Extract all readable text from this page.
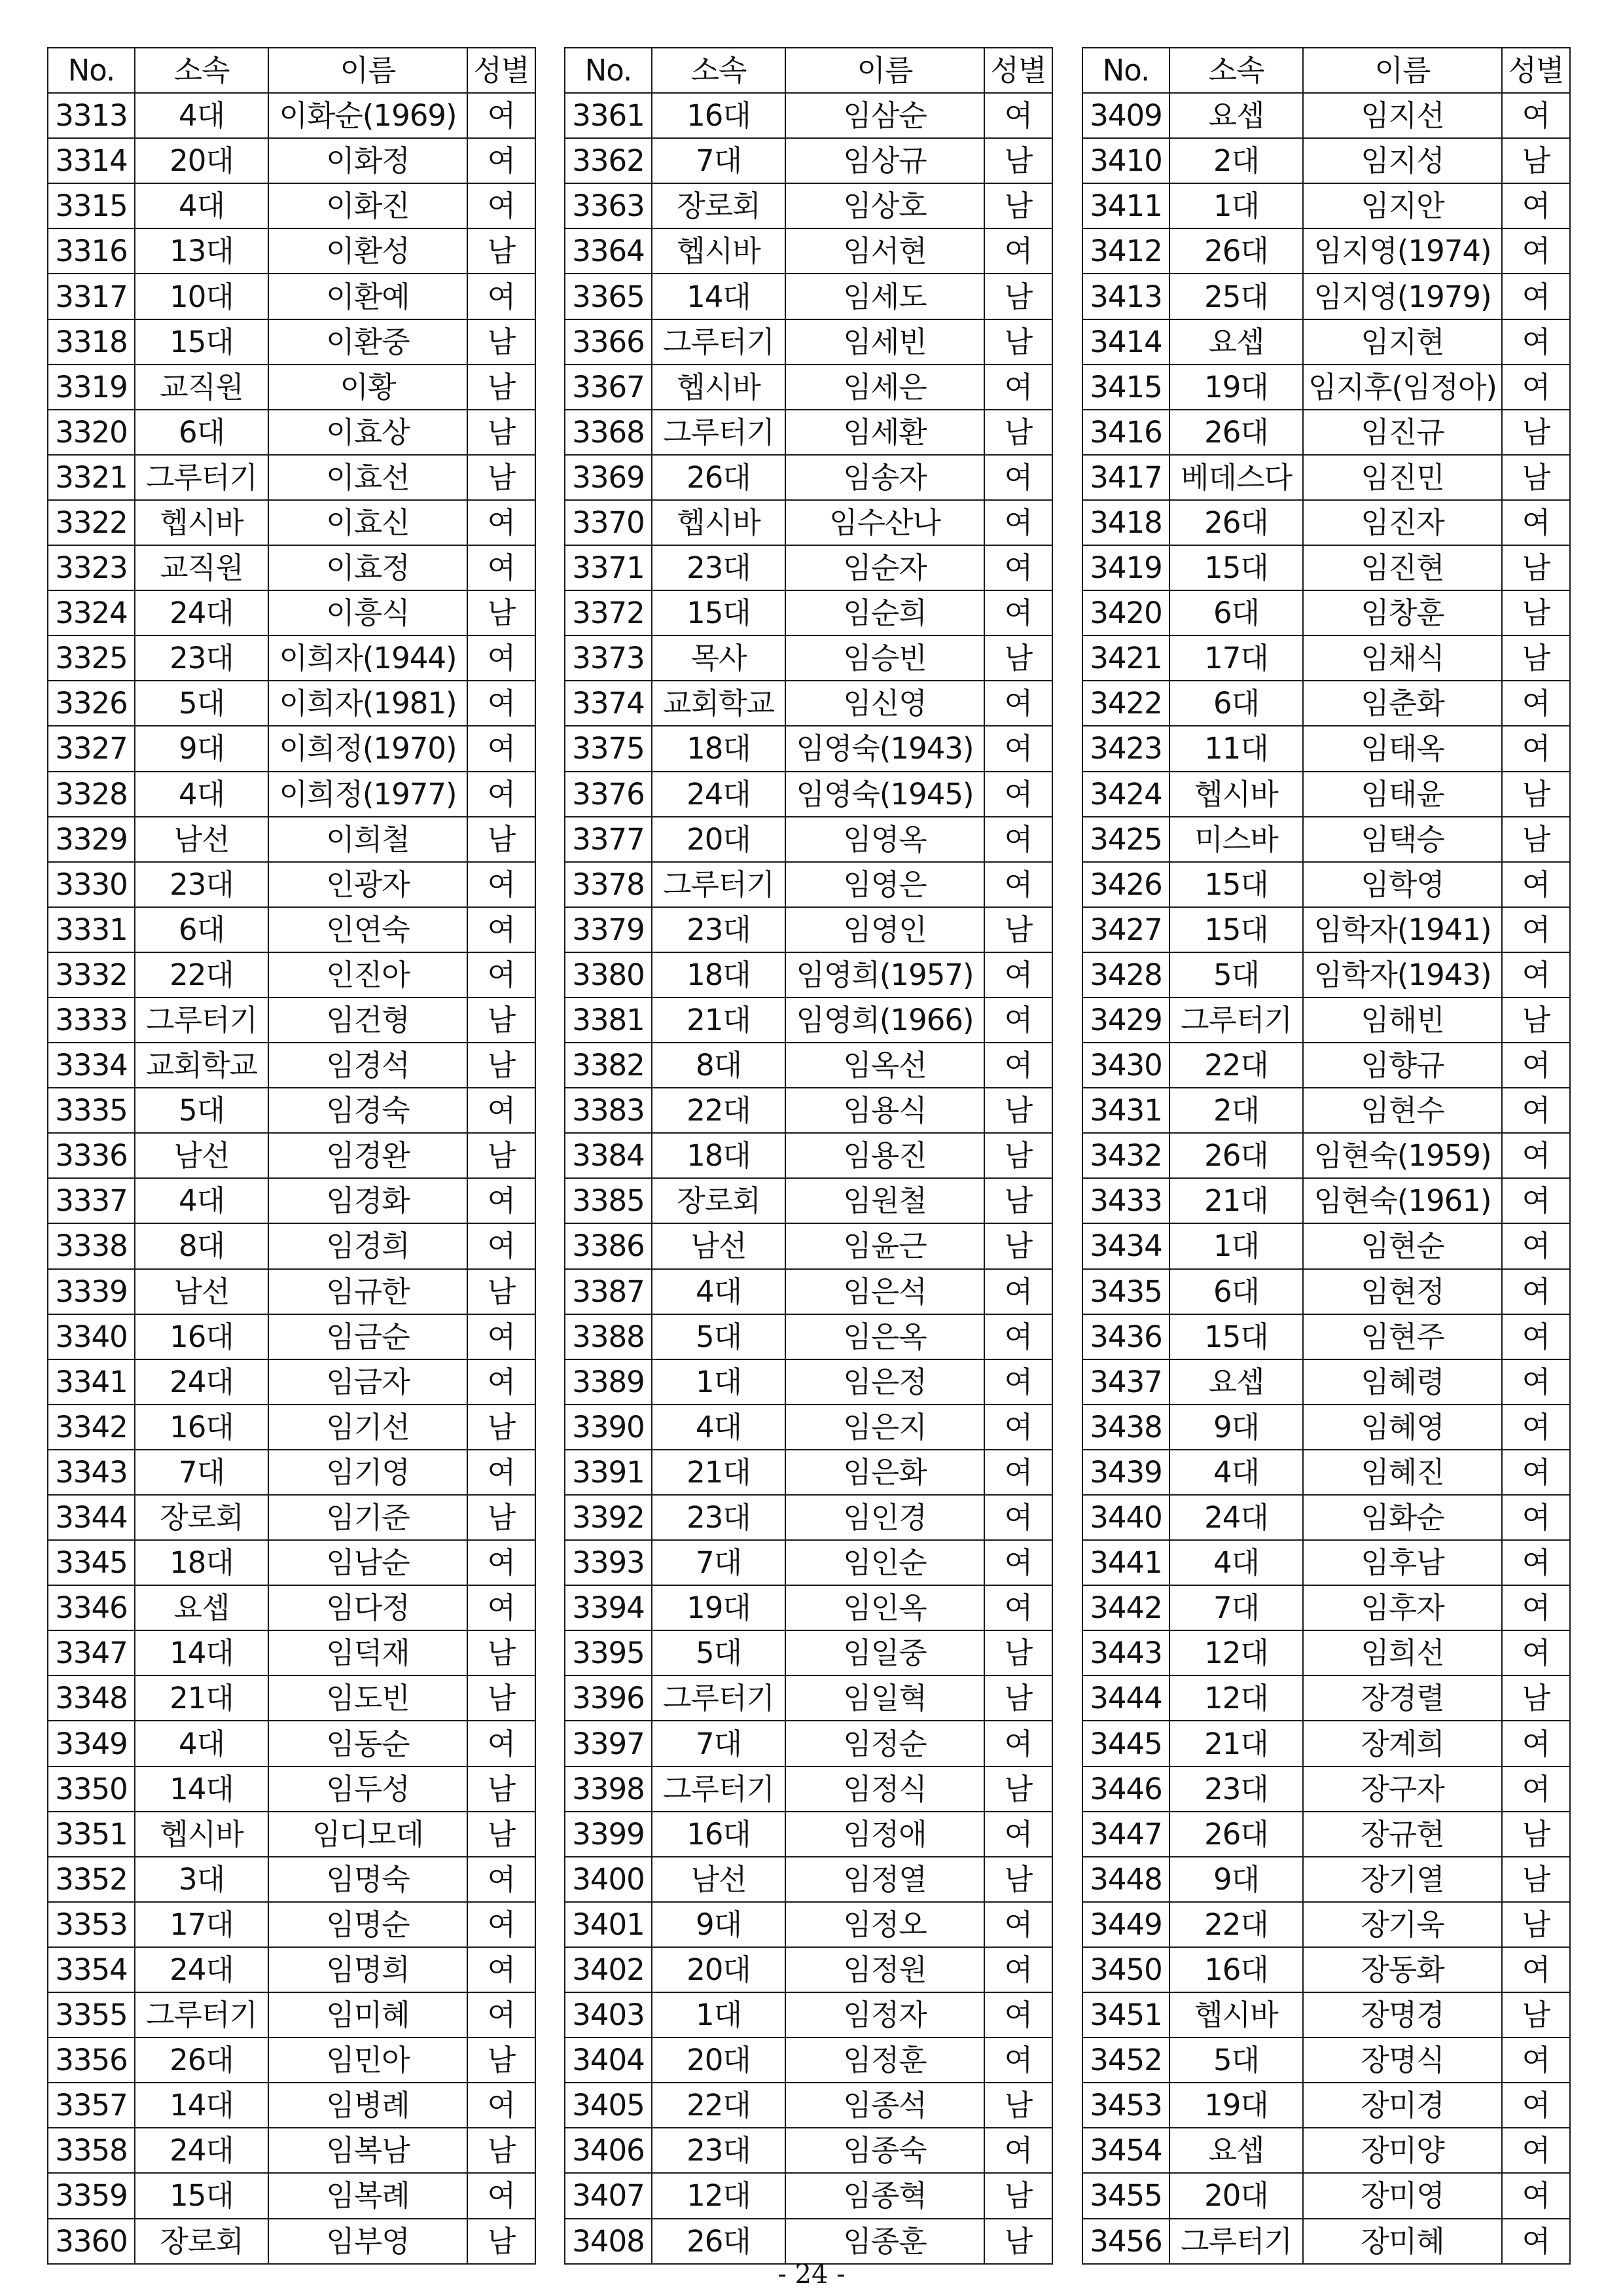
No.	소속	이름	성별
3313	4대	이화순(1969)	여
3314	20대	이화정	여
3315	4대	이화진	여
3316	13대	이환성	남
3317	10대	이환예	여
3318	15대	이환중	남
3319	교직원	이황	남
3320	6대	이효상	남
3321	그루터기	이효선	남
3322	헵시바	이효신	여
3323	교직원	이효정	여
3324	24대	이흥식	남
3325	23대	이희자(1944)	여
3326	5대	이희자(1981)	여
3327	9대	이희정(1970)	여
3328	4대	이희정(1977)	여
3329	남선	이희철	남
3330	23대	인광자	여
3331	6대	인연숙	여
3332	22대	인진아	여
3333	그루터기	임건형	남
3334	교회학교	임경석	남
3335	5대	임경숙	여
3336	남선	임경완	남
3337	4대	임경화	여
3338	8대	임경희	여
3339	남선	임규한	남
3340	16대	임금순	여
3341	24대	임금자	여
3342	16대	임기선	남
3343	7대	임기영	여
3344	장로회	임기준	남
3345	18대	임남순	여
3346	요셉	임다정	여
3347	14대	임덕재	남
3348	21대	임도빈	남
3349	4대	임동순	여
3350	14대	임두성	남
3351	헵시바	임디모데	남
3352	3대	임명숙	여
3353	17대	임명순	여
3354	24대	임명희	여
3355	그루터기	임미혜	여
3356	26대	임민아	남
3357	14대	임병례	여
3358	24대	임복남	남
3359	15대	임복례	여
3360	장로회	임부영	남
No.	소속	이름	성별
3361	16대	임삼순	여
3362	7대	임상규	남
3363	장로회	임상호	남
3364	헵시바	임서현	여
3365	14대	임세도	남
3366	그루터기	임세빈	남
3367	헵시바	임세은	여
3368	그루터기	임세환	남
3369	26대	임송자	여
3370	헵시바	임수산나	여
3371	23대	임순자	여
3372	15대	임순희	여
3373	목사	임승빈	남
3374	교회학교	임신영	여
3375	18대	임영숙(1943)	여
3376	24대	임영숙(1945)	여
3377	20대	임영옥	여
3378	그루터기	임영은	여
3379	23대	임영인	남
3380	18대	임영희(1957)	여
3381	21대	임영희(1966)	여
3382	8대	임옥선	여
3383	22대	임용식	남
3384	18대	임용진	남
3385	장로회	임원철	남
3386	남선	임윤근	남
3387	4대	임은석	여
3388	5대	임은옥	여
3389	1대	임은정	여
3390	4대	임은지	여
3391	21대	임은화	여
3392	23대	임인경	여
3393	7대	임인순	여
3394	19대	임인옥	여
3395	5대	임일중	남
3396	그루터기	임일혁	남
3397	7대	임정순	여
3398	그루터기	임정식	남
3399	16대	임정애	여
3400	남선	임정열	남
3401	9대	임정오	여
3402	20대	임정원	여
3403	1대	임정자	여
3404	20대	임정훈	여
3405	22대	임종석	남
3406	23대	임종숙	여
3407	12대	임종혁	남
3408	26대	임종훈	남
No.	소속	이름	성별
3409	요셉	임지선	여
3410	2대	임지성	남
3411	1대	임지안	여
3412	26대	임지영(1974)	여
3413	25대	임지영(1979)	여
3414	요셉	임지현	여
3415	19대	임지후(임정아)	여
3416	26대	임진규	남
3417	베데스다	임진민	남
3418	26대	임진자	여
3419	15대	임진현	남
3420	6대	임창훈	남
3421	17대	임채식	남
3422	6대	임춘화	여
3423	11대	임태옥	여
3424	헵시바	임태윤	남
3425	미스바	임택승	남
3426	15대	임학영	여
3427	15대	임학자(1941)	여
3428	5대	임학자(1943)	여
3429	그루터기	임해빈	남
3430	22대	임향규	여
3431	2대	임현수	여
3432	26대	임현숙(1959)	여
3433	21대	임현숙(1961)	여
3434	1대	임현순	여
3435	6대	임현정	여
3436	15대	임현주	여
3437	요셉	임혜령	여
3438	9대	임혜영	여
3439	4대	임혜진	여
3440	24대	임화순	여
3441	4대	임후남	여
3442	7대	임후자	여
3443	12대	임희선	여
3444	12대	장경렬	남
3445	21대	장계희	여
3446	23대	장구자	여
3447	26대	장규현	남
3448	9대	장기열	남
3449	22대	장기욱	남
3450	16대	장동화	여
3451	헵시바	장명경	남
3452	5대	장명식	여
3453	19대	장미경	여
3454	요셉	장미양	여
3455	20대	장미영	여
3456	그루터기	장미혜	여
- 24 -
